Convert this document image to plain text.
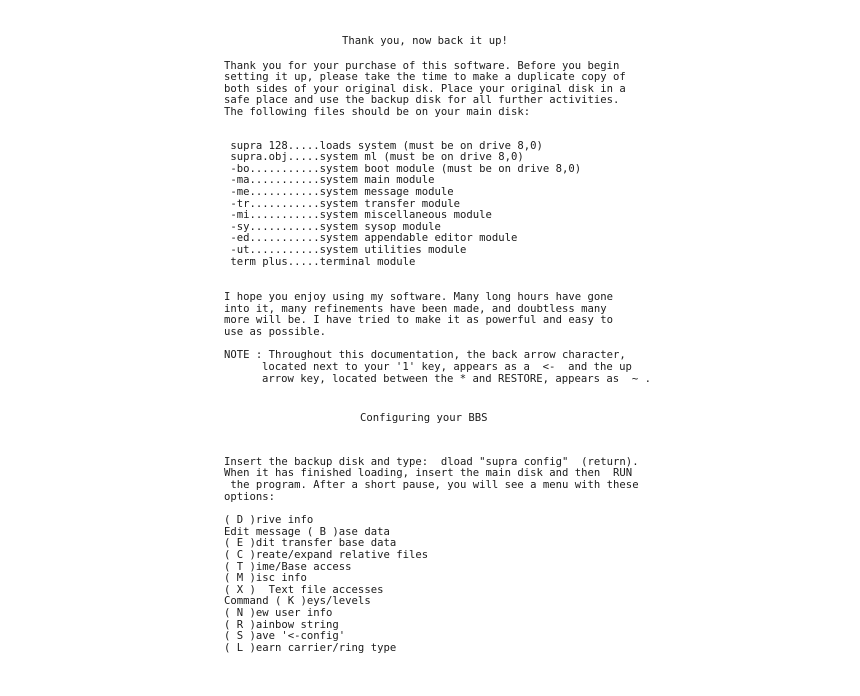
Thank you, now back it up!
Thank you for your purchase of this software. Before you begin
setting it up, please take the time to make a duplicate copy of
both sides of your original disk. Place your original disk in a
safe place and use the backup disk for all further activities.
The following files should be on your main disk:
supra 128.....loads system (must be on drive 8,0)
supra.obj.....system ml (must be on drive 8,0)
-bo...........system boot module (must be on drive 8,0)
-ma...........system main module
-me...........system message module
-tr...........system transfer module
-mi...........system miscellaneous module
-sy...........system sysop module
-ed...........system appendable editor module
-ut...........system utilities module
term plus.....terminal module
I hope you enjoy using my software. Many long hours have gone
into it, many refinements have been made, and doubtless many
more will be. I have tried to make it as powerful and easy to
use as possible.
NOTE : Throughout this documentation, the back arrow character,
located next to your '1' key, appears as a  <-  and the up
arrow key, located between the * and RESTORE, appears as  ~ .
Configuring your BBS
Insert the backup disk and type:  dload "supra config"  (return).
When it has finished loading, insert the main disk and then  RUN
the program. After a short pause, you will see a menu with these
options:
( D )rive info
Edit message ( B )ase data
( E )dit transfer base data
( C )reate/expand relative files
( T )ime/Base access
( M )isc info
( X )  Text file accesses
Command ( K )eys/levels
( N )ew user info
( R )ainbow string
( S )ave '<-config'
( L )earn carrier/ring type
